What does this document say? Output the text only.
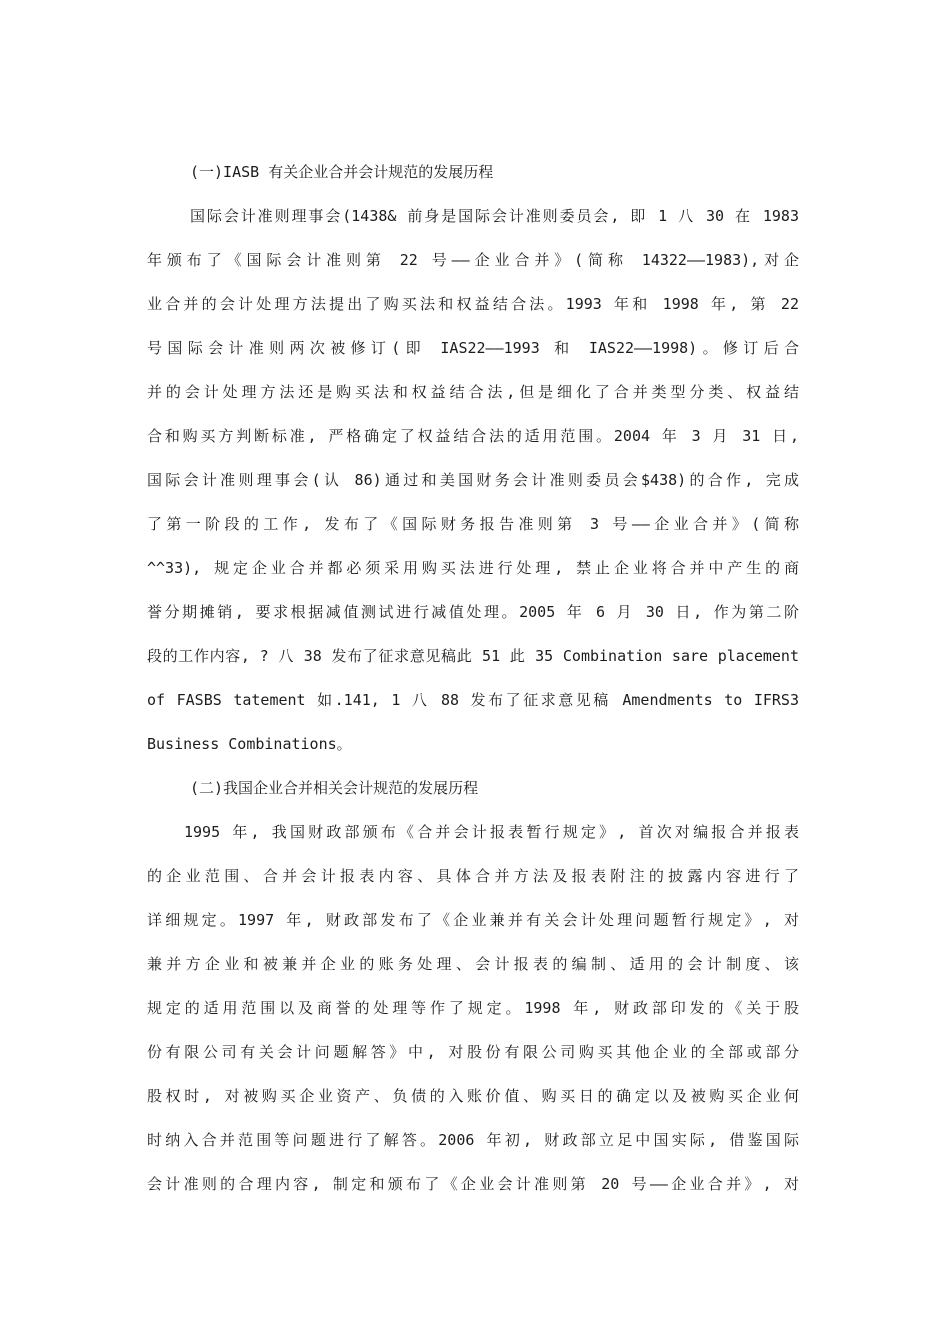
(一)IASB 有关企业合并会计规范的发展历程
国际会计准则理事会(1438& 前身是国际会计准则委员会, 即 1 八 30 在 1983
年颁布了《国际会计准则第 22 号——企业合并》(简称 14322——1983),对企
业合并的会计处理方法提出了购买法和权益结合法。1993 年和 1998 年, 第 22
号国际会计准则两次被修订(即 IAS22——1993 和 IAS22——1998)。修订后合
并的会计处理方法还是购买法和权益结合法,但是细化了合并类型分类、权益结
合和购买方判断标准, 严格确定了权益结合法的适用范围。2004 年 3 月 31 日,
国际会计准则理事会(认 86)通过和美国财务会计准则委员会$438)的合作, 完成
了第一阶段的工作, 发布了《国际财务报告准则第 3 号——企业合并》(简称
^^33), 规定企业合并都必须采用购买法进行处理, 禁止企业将合并中产生的商
誉分期摊销, 要求根据减值测试进行减值处理。2005 年 6 月 30 日, 作为第二阶
段的工作内容, ? 八 38 发布了征求意见稿此 51 此 35 Combination sare placement
of FASBS tatement 如.141, 1 八 88 发布了征求意见稿 Amendments to IFRS3
Business Combinations。
(二)我国企业合并相关会计规范的发展历程
1995 年, 我国财政部颁布《合并会计报表暂行规定》, 首次对编报合并报表
的企业范围、合并会计报表内容、具体合并方法及报表附注的披露内容进行了
详细规定。1997 年, 财政部发布了《企业兼并有关会计处理问题暂行规定》, 对
兼并方企业和被兼并企业的账务处理、会计报表的编制、适用的会计制度、该
规定的适用范围以及商誉的处理等作了规定。1998 年, 财政部印发的《关于股
份有限公司有关会计问题解答》中, 对股份有限公司购买其他企业的全部或部分
股权时, 对被购买企业资产、负债的入账价值、购买日的确定以及被购买企业何
时纳入合并范围等问题进行了解答。2006 年初, 财政部立足中国实际, 借鉴国际
会计准则的合理内容, 制定和颁布了《企业会计准则第 20 号——企业合并》, 对
